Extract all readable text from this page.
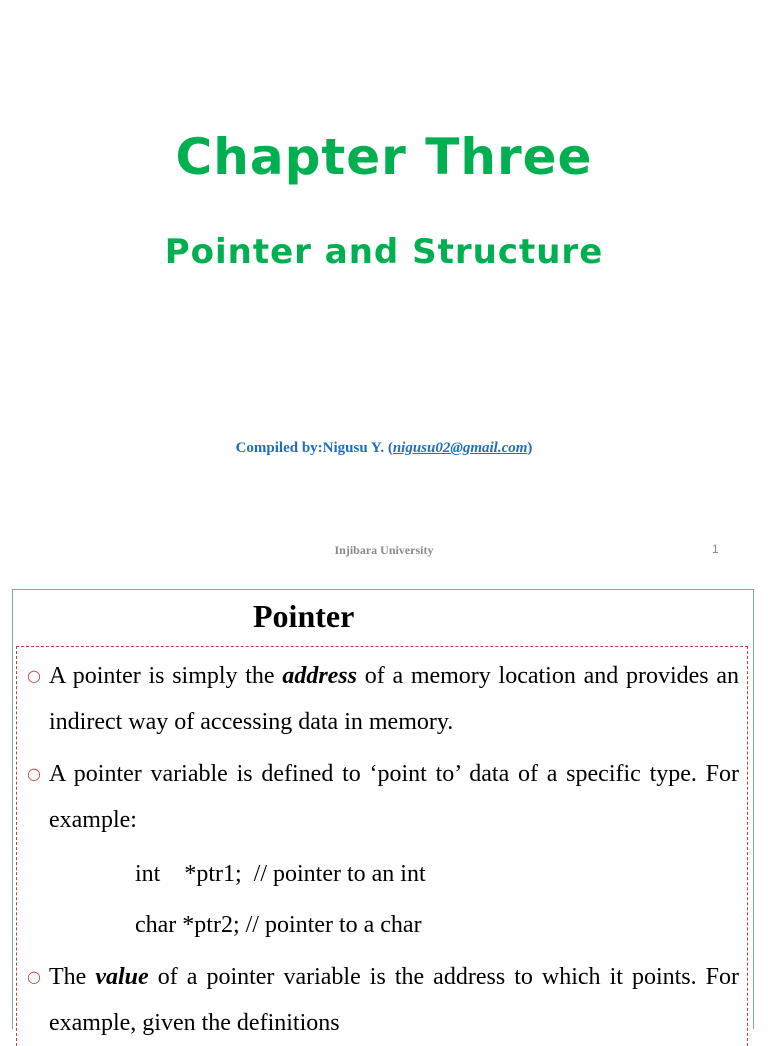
Chapter Three
Pointer and Structure
Compiled by:Nigusu Y. (nigusu02@gmail.com)
Injibara University	1
Pointer
○ A pointer is simply the address of a memory location and provides an indirect way of accessing data in memory.
○ A pointer variable is defined to ‘point to’ data of a specific type. For example:
int    *ptr1;  // pointer to an int
char *ptr2; // pointer to a char
○ The value of a pointer variable is the address to which it points. For example, given the definitions
